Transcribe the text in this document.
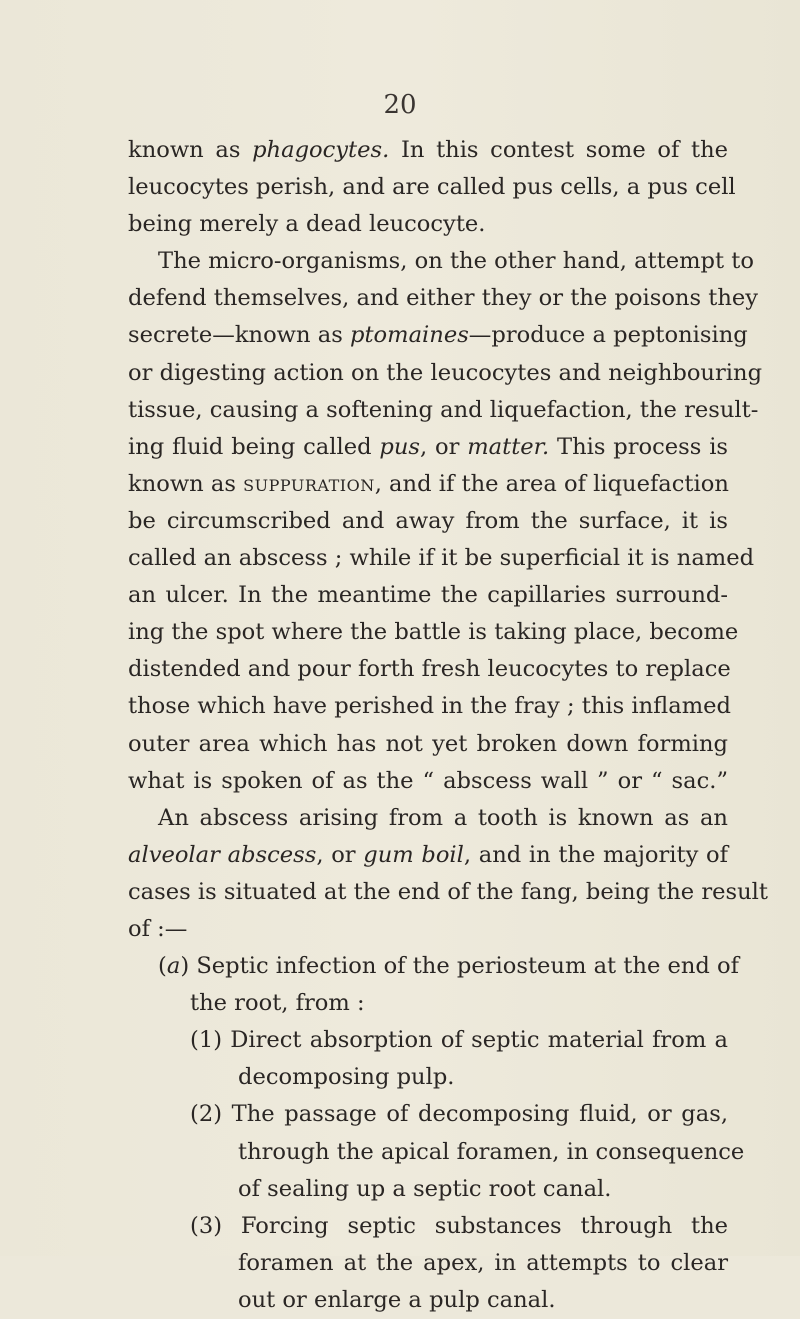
20
known as phagocytes. In this contest some of the
leucocytes perish, and are called pus cells, a pus cell
being merely a dead leucocyte.
The micro-organisms, on the other hand, attempt to
defend themselves, and either they or the poisons they
secrete—known as ptomaines—produce a peptonising
or digesting action on the leucocytes and neighbouring
tissue, causing a softening and liquefaction, the result-
ing fluid being called pus, or matter. This process is
known as suppuration, and if the area of liquefaction
be circumscribed and away from the surface, it is
called an abscess ; while if it be superficial it is named
an ulcer. In the meantime the capillaries surround-
ing the spot where the battle is taking place, become
distended and pour forth fresh leucocytes to replace
those which have perished in the fray ; this inflamed
outer area which has not yet broken down forming
what is spoken of as the “ abscess wall ” or “ sac.”
An abscess arising from a tooth is known as an
alveolar abscess, or gum boil, and in the majority of
cases is situated at the end of the fang, being the result
of :—
(a) Septic infection of the periosteum at the end of
the root, from :
(1) Direct absorption of septic material from a
decomposing pulp.
(2) The passage of decomposing fluid, or gas,
through the apical foramen, in consequence
of sealing up a septic root canal.
(3) Forcing septic substances through the
foramen at the apex, in attempts to clear
out or enlarge a pulp canal.
